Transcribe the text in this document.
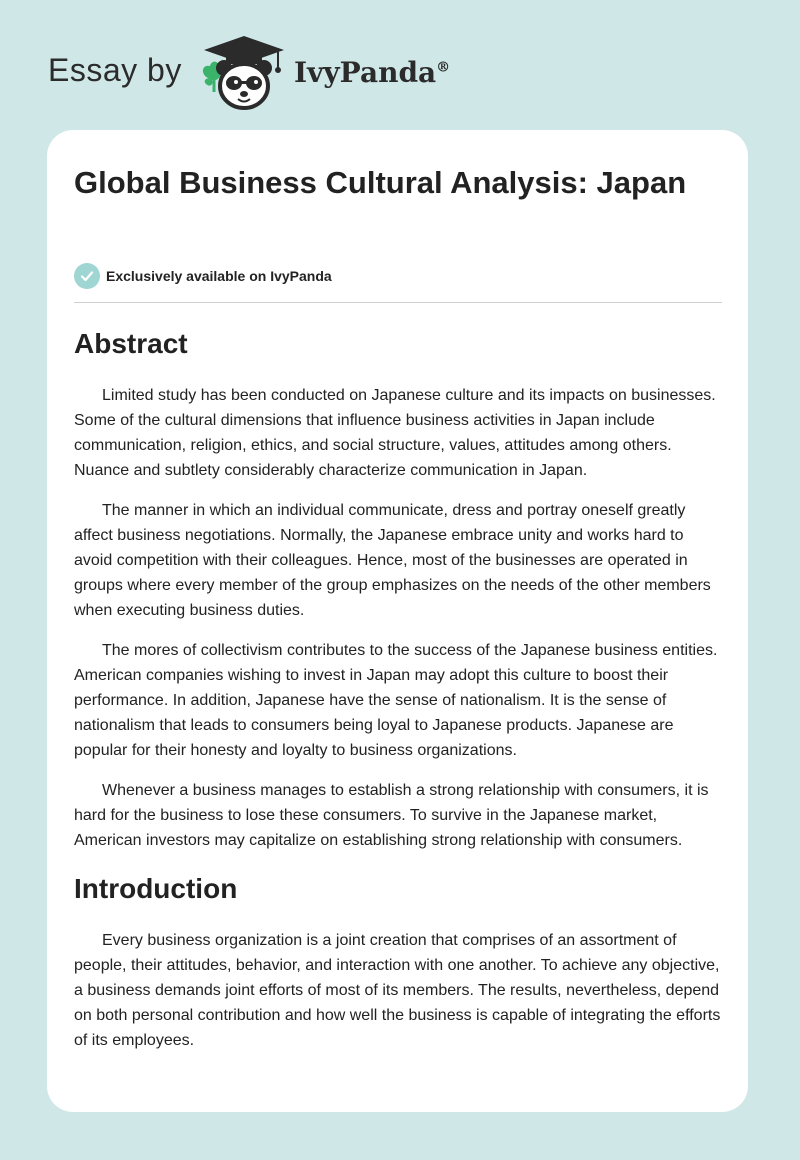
Essay by	IvyPanda®
Global Business Cultural Analysis: Japan
Exclusively available on IvyPanda
Abstract

Limited study has been conducted on Japanese culture and its impacts on businesses. Some of the cultural dimensions that influence business activities in Japan include communication, religion, ethics, and social structure, values, attitudes among others. Nuance and subtlety considerably characterize communication in Japan.

The manner in which an individual communicate, dress and portray oneself greatly affect business negotiations. Normally, the Japanese embrace unity and works hard to avoid competition with their colleagues. Hence, most of the businesses are operated in groups where every member of the group emphasizes on the needs of the other members when executing business duties.

The mores of collectivism contributes to the success of the Japanese business entities. American companies wishing to invest in Japan may adopt this culture to boost their performance. In addition, Japanese have the sense of nationalism. It is the sense of nationalism that leads to consumers being loyal to Japanese products. Japanese are popular for their honesty and loyalty to business organizations.

Whenever a business manages to establish a strong relationship with consumers, it is hard for the business to lose these consumers. To survive in the Japanese market, American investors may capitalize on establishing strong relationship with consumers.

Introduction

Every business organization is a joint creation that comprises of an assortment of people, their attitudes, behavior, and interaction with one another. To achieve any objective, a business demands joint efforts of most of its members. The results, nevertheless, depend on both personal contribution and how well the business is capable of integrating the efforts of its employees.
